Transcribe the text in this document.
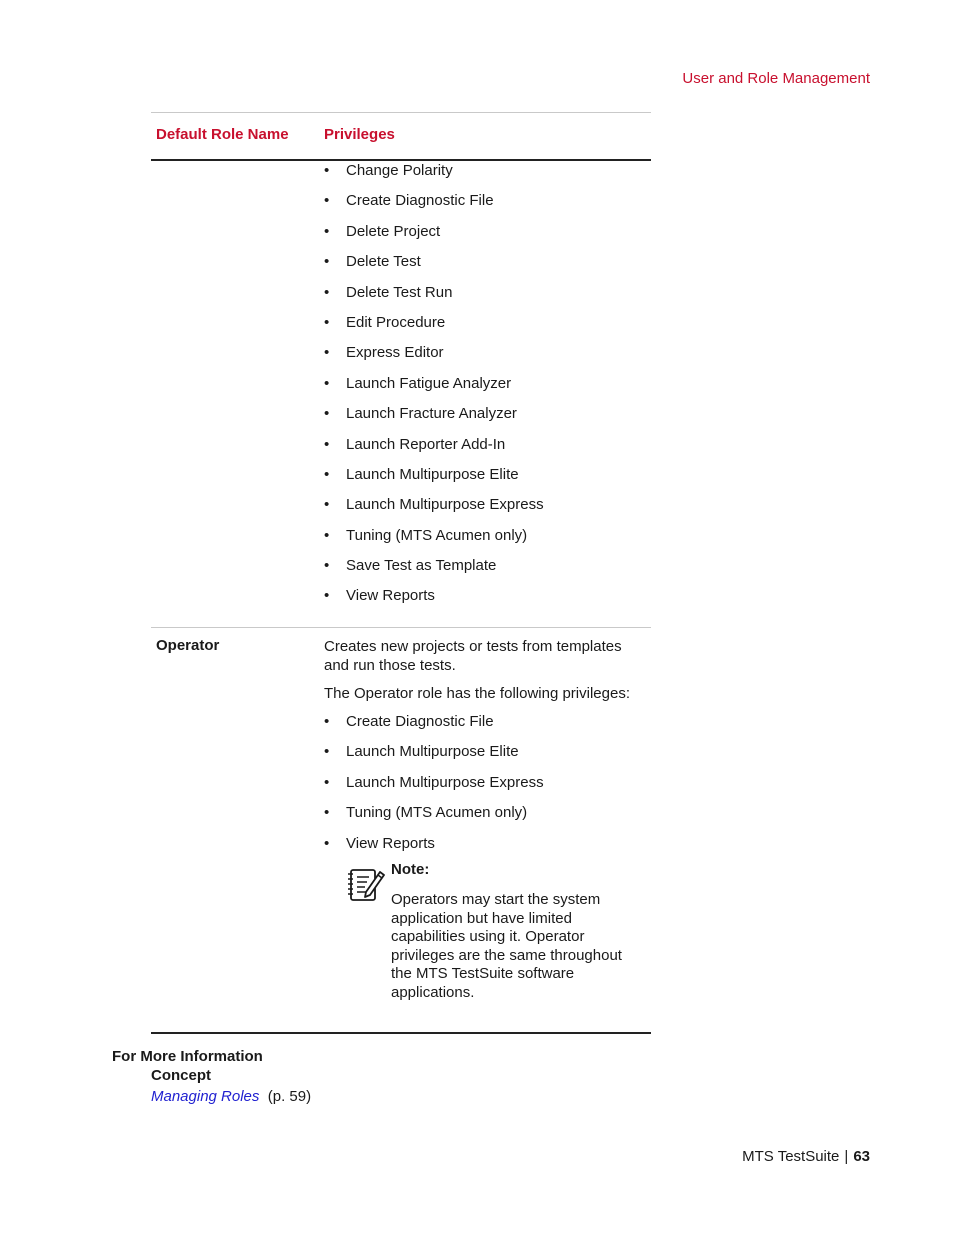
User and Role Management
Default Role Name Privileges
• Change Polarity
• Create Diagnostic File
• Delete Project
• Delete Test
• Delete Test Run
• Edit Procedure
• Express Editor
• Launch Fatigue Analyzer
• Launch Fracture Analyzer
• Launch Reporter Add-In
• Launch Multipurpose Elite
• Launch Multipurpose Express
• Tuning (MTS Acumen only)
• Save Test as Template
• View Reports
Operator	Creates new projects or tests from templates and run those tests.

The Operator role has the following privileges:

• Create Diagnostic File
• Launch Multipurpose Elite
• Launch Multipurpose Express
• Tuning (MTS Acumen only)
• View Reports
Note:

Operators may start the system application but have limited capabilities using it. Operator privileges are the same throughout the MTS TestSuite software applications.

For More Information
Concept
Managing Roles (p. 59)
MTS TestSuite | 63
